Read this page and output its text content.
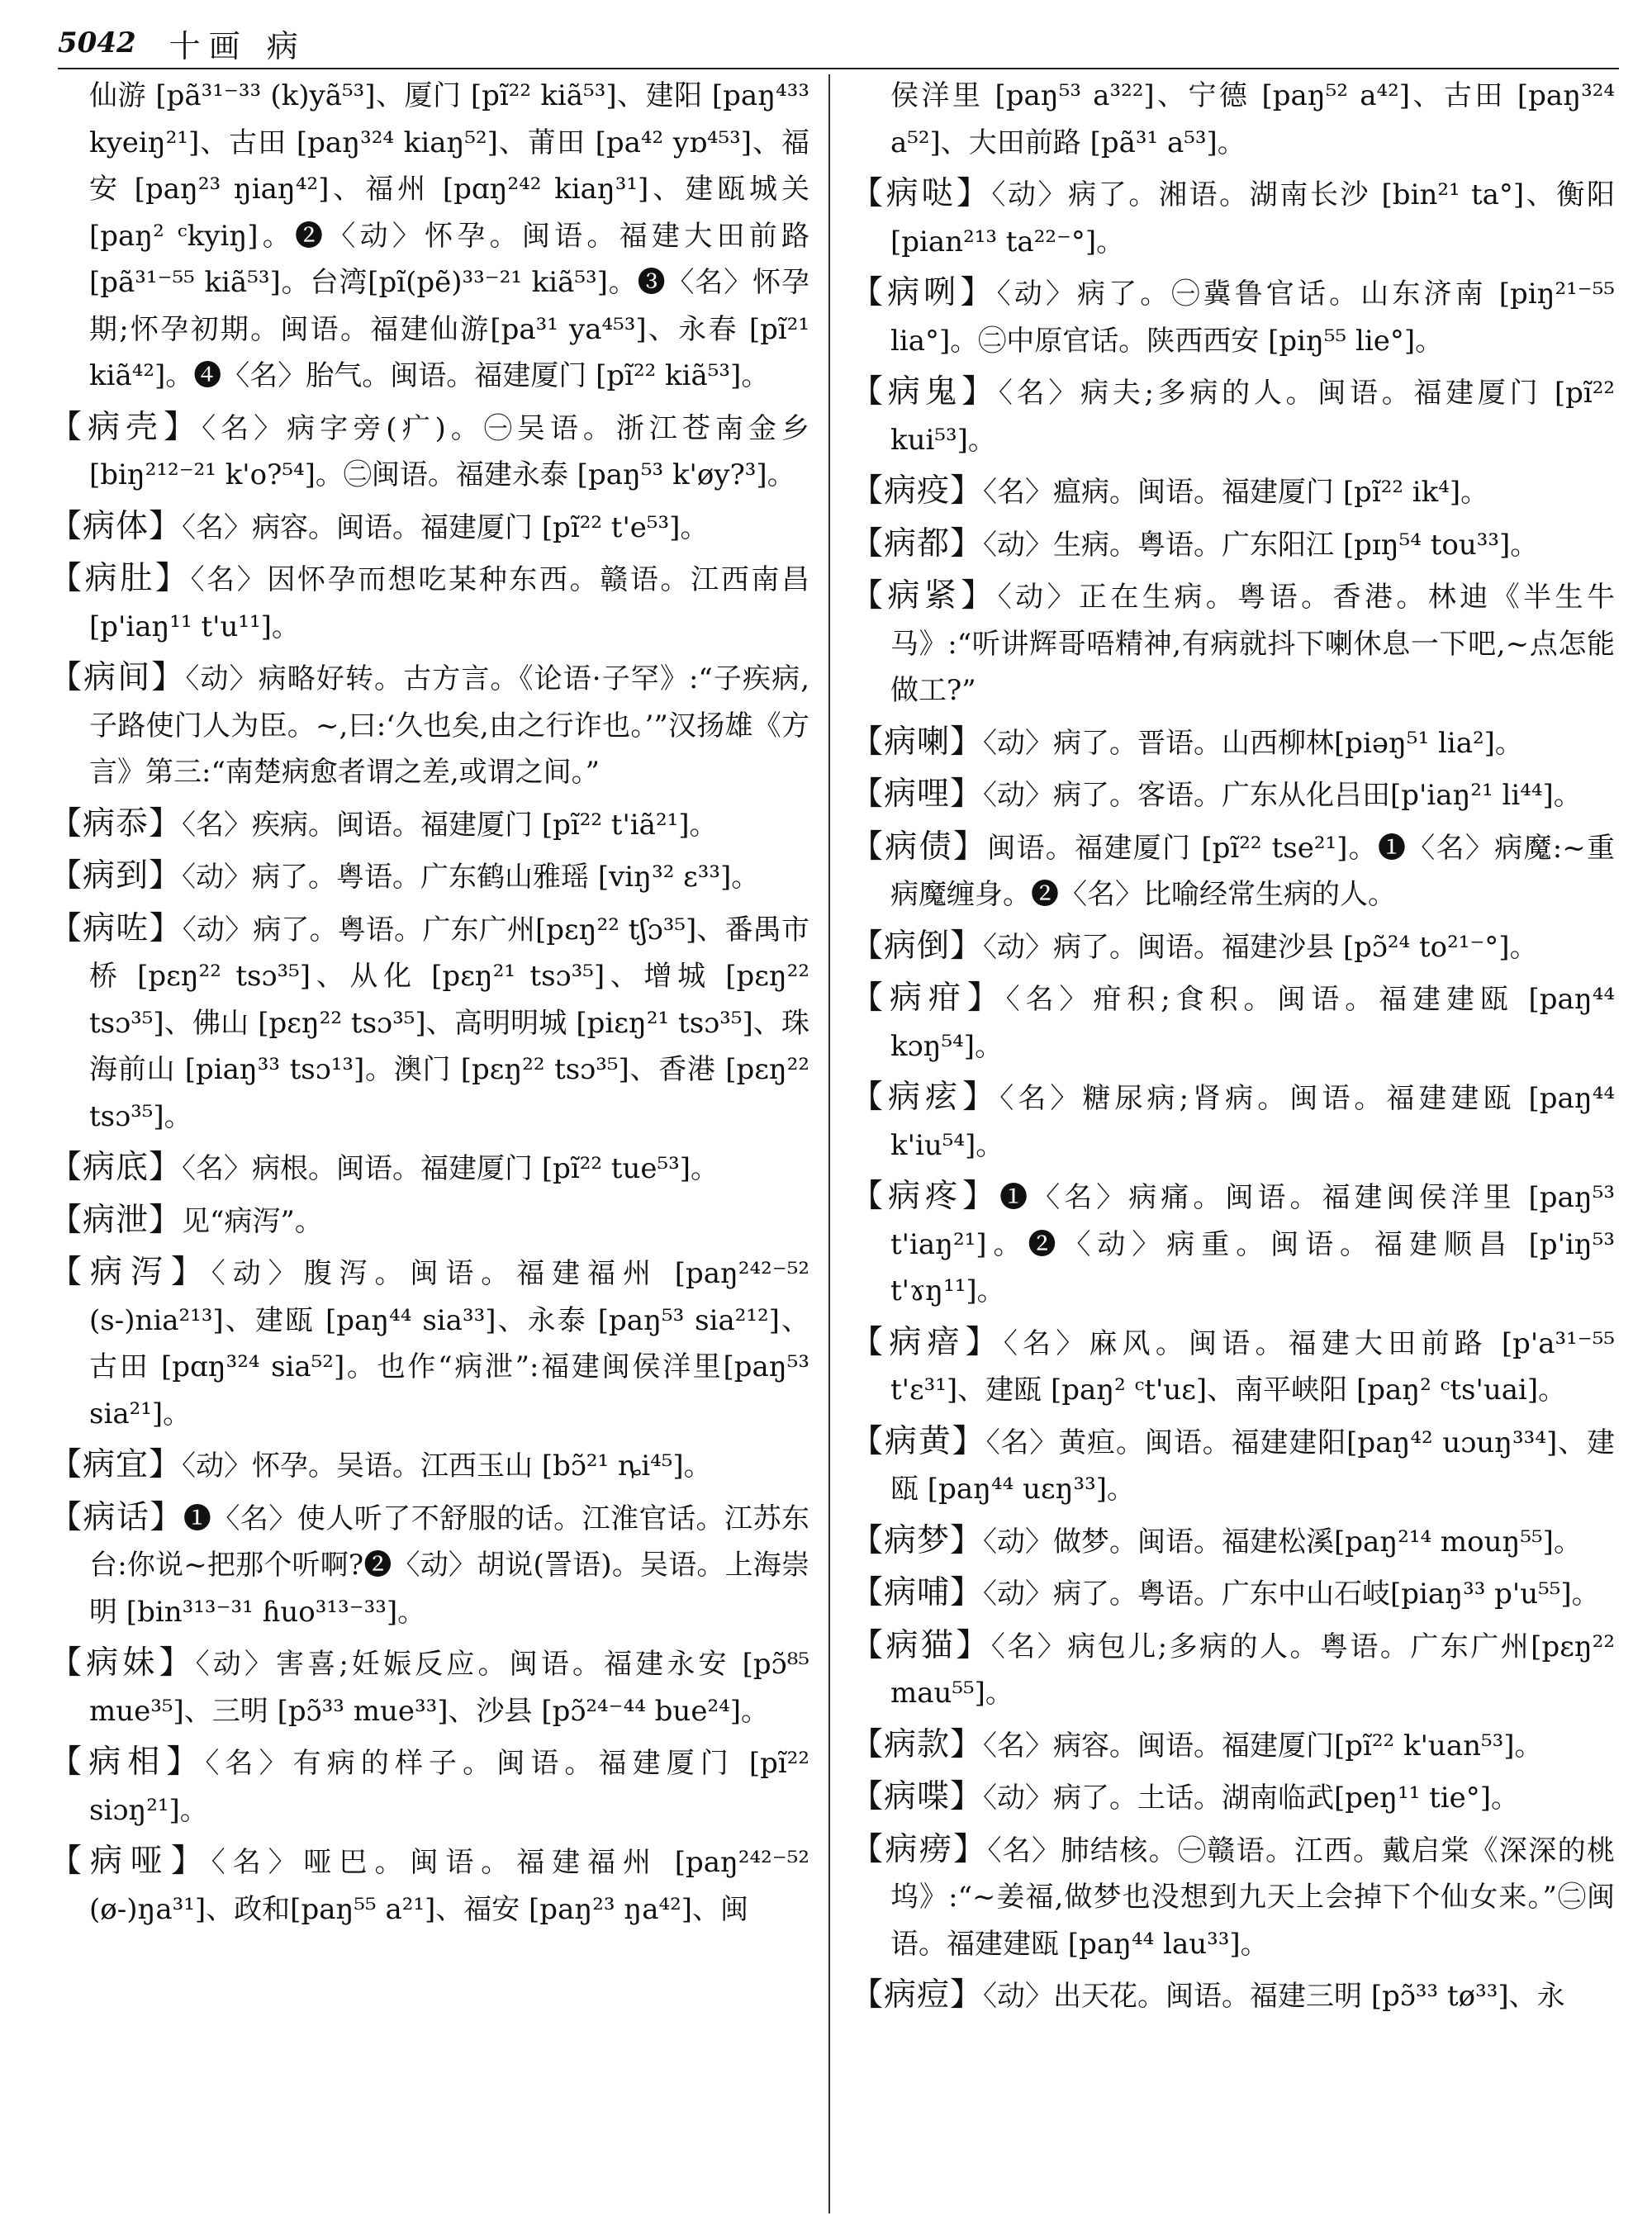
5042 十画 病

仙游 [pã³¹⁻³³ (k)yã⁵³]、厦门 [pĩ²² kiã⁵³]、建阳 [paŋ⁴³³ kyeiŋ²¹]、古田 [paŋ³²⁴ kiaŋ⁵²]、莆田 [pa⁴² yɒ⁴⁵³]、福安 [paŋ²³ ŋiaŋ⁴²]、福州 [pɑŋ²⁴² kiaŋ³¹]、建瓯城关 [paŋ² ᶜkyiŋ]。❷〈动〉怀孕。闽语。福建大田前路[pã³¹⁻⁵⁵ kiã⁵³]。台湾[pĩ(pẽ)³³⁻²¹ kiã⁵³]。❸〈名〉怀孕期;怀孕初期。闽语。福建仙游[pa³¹ ya⁴⁵³]、永春 [pĩ²¹ kiã⁴²]。❹〈名〉胎气。闽语。福建厦门 [pĩ²² kiã⁵³]。

【病壳】〈名〉病字旁(疒)。㊀吴语。浙江苍南金乡 [biŋ²¹²⁻²¹ k'o?⁵⁴]。㊁闽语。福建永泰 [paŋ⁵³ k'øy?³]。

【病体】〈名〉病容。闽语。福建厦门 [pĩ²² t'e⁵³]。

【病肚】〈名〉因怀孕而想吃某种东西。赣语。江西南昌 [p'iaŋ¹¹ t'u¹¹]。

【病间】〈动〉病略好转。古方言。《论语·子罕》:“子疾病,子路使门人为臣。~,曰:‘久也矣,由之行诈也。’”汉扬雄《方言》第三:“南楚病愈者谓之差,或谓之间。”

【病忝】〈名〉疾病。闽语。福建厦门 [pĩ²² t'iã²¹]。

【病到】〈动〉病了。粤语。广东鹤山雅瑶 [viŋ³² ɛ³³]。

【病咗】〈动〉病了。粤语。广东广州[pɛŋ²² tʃɔ³⁵]、番禺市桥 [pɛŋ²² tsɔ³⁵]、从化 [pɛŋ²¹ tsɔ³⁵]、增城 [pɛŋ²² tsɔ³⁵]、佛山 [pɛŋ²² tsɔ³⁵]、高明明城 [piɛŋ²¹ tsɔ³⁵]、珠海前山 [piaŋ³³ tsɔ¹³]。澳门 [pɛŋ²² tsɔ³⁵]、香港 [pɛŋ²² tsɔ³⁵]。

【病底】〈名〉病根。闽语。福建厦门 [pĩ²² tue⁵³]。

【病泄】见“病泻”。

【病泻】〈动〉腹泻。闽语。福建福州 [paŋ²⁴²⁻⁵² (s-)nia²¹³]、建瓯 [paŋ⁴⁴ sia³³]、永泰 [paŋ⁵³ sia²¹²]、古田 [pɑŋ³²⁴ sia⁵²]。也作“病泄”:福建闽侯洋里[paŋ⁵³ sia²¹]。

【病宜】〈动〉怀孕。吴语。江西玉山 [bɔ̃²¹ ȵi⁴⁵]。

【病话】❶〈名〉使人听了不舒服的话。江淮官话。江苏东台:你说~把那个听啊?❷〈动〉胡说(詈语)。吴语。上海崇明 [bin³¹³⁻³¹ ɦuo³¹³⁻³³]。

【病妹】〈动〉害喜;妊娠反应。闽语。福建永安 [pɔ̃⁸⁵ mue³⁵]、三明 [pɔ̃³³ mue³³]、沙县 [pɔ̃²⁴⁻⁴⁴ bue²⁴]。

【病相】〈名〉有病的样子。闽语。福建厦门 [pĩ²² siɔŋ²¹]。

【病哑】〈名〉哑巴。闽语。福建福州 [paŋ²⁴²⁻⁵² (ø-)ŋa³¹]、政和[paŋ⁵⁵ a²¹]、福安 [paŋ²³ ŋa⁴²]、闽

侯洋里 [paŋ⁵³ a³²²]、宁德 [paŋ⁵² a⁴²]、古田 [paŋ³²⁴ a⁵²]、大田前路 [pã³¹ a⁵³]。

【病哒】〈动〉病了。湘语。湖南长沙 [bin²¹ ta°]、衡阳 [pian²¹³ ta²²⁻°]。

【病咧】〈动〉病了。㊀冀鲁官话。山东济南 [piŋ²¹⁻⁵⁵ lia°]。㊁中原官话。陕西西安 [piŋ⁵⁵ lie°]。

【病鬼】〈名〉病夫;多病的人。闽语。福建厦门 [pĩ²² kui⁵³]。

【病疫】〈名〉瘟病。闽语。福建厦门 [pĩ²² ik⁴]。

【病都】〈动〉生病。粤语。广东阳江 [pɪŋ⁵⁴ tou³³]。

【病紧】〈动〉正在生病。粤语。香港。林迪《半生牛马》:“听讲辉哥唔精神,有病就抖下喇休息一下吧,~点怎能做工?”

【病喇】〈动〉病了。晋语。山西柳林[piəŋ⁵¹ lia²]。

【病哩】〈动〉病了。客语。广东从化吕田[p'iaŋ²¹ li⁴⁴]。

【病债】闽语。福建厦门 [pĩ²² tse²¹]。❶〈名〉病魔:~重病魔缠身。❷〈名〉比喻经常生病的人。

【病倒】〈动〉病了。闽语。福建沙县 [pɔ̃²⁴ to²¹⁻°]。

【病疳】〈名〉疳积;食积。闽语。福建建瓯 [paŋ⁴⁴ kɔŋ⁵⁴]。

【病痃】〈名〉糖尿病;肾病。闽语。福建建瓯 [paŋ⁴⁴ k'iu⁵⁴]。

【病疼】❶〈名〉病痛。闽语。福建闽侯洋里 [paŋ⁵³ t'iaŋ²¹]。❷〈动〉病重。闽语。福建顺昌 [p'iŋ⁵³ t'ɤŋ¹¹]。

【病瘖】〈名〉麻风。闽语。福建大田前路 [p'a³¹⁻⁵⁵ t'ɛ³¹]、建瓯 [paŋ² ᶜt'uɛ]、南平峡阳 [paŋ² ᶜts'uai]。

【病黄】〈名〉黄疸。闽语。福建建阳[paŋ⁴² uɔuŋ³³⁴]、建瓯 [paŋ⁴⁴ uɛŋ³³]。

【病梦】〈动〉做梦。闽语。福建松溪[paŋ²¹⁴ mouŋ⁵⁵]。

【病哺】〈动〉病了。粤语。广东中山石岐[piaŋ³³ p'u⁵⁵]。

【病猫】〈名〉病包儿;多病的人。粤语。广东广州[pɛŋ²² mau⁵⁵]。

【病款】〈名〉病容。闽语。福建厦门[pĩ²² k'uan⁵³]。

【病喋】〈动〉病了。土话。湖南临武[peŋ¹¹ tie°]。

【病痨】〈名〉肺结核。㊀赣语。江西。戴启棠《深深的桃坞》:“~姜福,做梦也没想到九天上会掉下个仙女来。”㊁闽语。福建建瓯 [paŋ⁴⁴ lau³³]。

【病痘】〈动〉出天花。闽语。福建三明 [pɔ̃³³ tø³³]、永
